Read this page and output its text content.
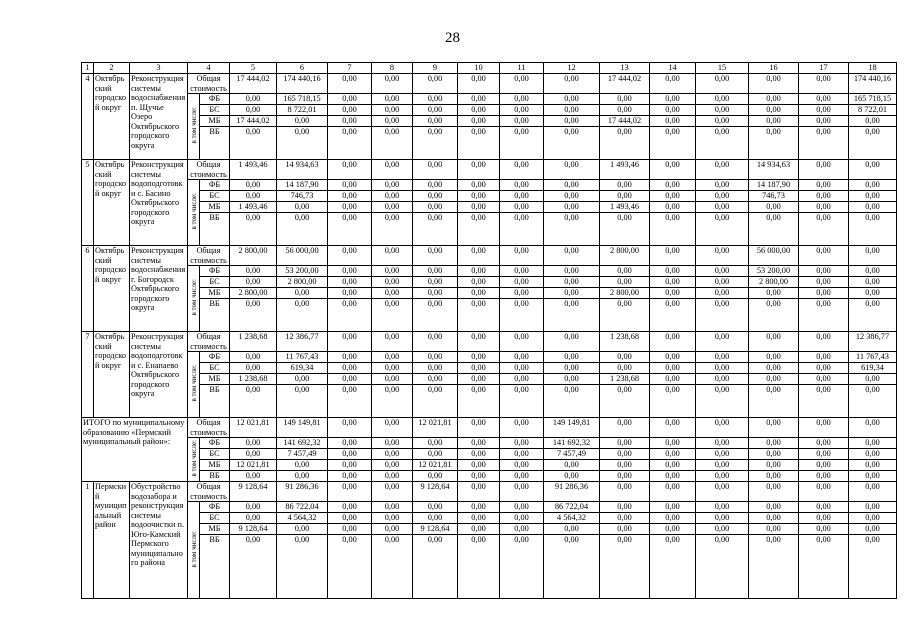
28
1	2	3	4		5	6	7	8	9	10	11	12	13	14	15	16	17	18
4	Октябрьский городской округ	Реконструкция системы водоснабжения п. Щучье Озеро Октябрьского городского округа	Общая стоимость		17 444,02	174 440,16	0,00	0,00	0,00	0,00	0,00	0,00	17 444,02	0,00	0,00	0,00	0,00	174 440,16
			в том числе:	ФБ	0,00	165 718,15	0,00	0,00	0,00	0,00	0,00	0,00	0,00	0,00	0,00	0,00	0,00	165 718,15
				БС	0,00	8 722,01	0,00	0,00	0,00	0,00	0,00	0,00	0,00	0,00	0,00	0,00	0,00	8 722,01
				МБ	17 444,02	0,00	0,00	0,00	0,00	0,00	0,00	0,00	17 444,02	0,00	0,00	0,00	0,00	0,00
				ВБ	0,00	0,00	0,00	0,00	0,00	0,00	0,00	0,00	0,00	0,00	0,00	0,00	0,00	0,00
5	Октябрьский городской округ	Реконструкция системы водоподготовки с. Басино Октябрьского городского округа	Общая стоимость		1 493,46	14 934,63	0,00	0,00	0,00	0,00	0,00	0,00	1 493,46	0,00	0,00	14 934,63	0,00	0,00
			в том числе:	ФБ	0,00	14 187,90	0,00	0,00	0,00	0,00	0,00	0,00	0,00	0,00	0,00	14 187,90	0,00	0,00
				БС	0,00	746,73	0,00	0,00	0,00	0,00	0,00	0,00	0,00	0,00	0,00	746,73	0,00	0,00
				МБ	1 493,46	0,00	0,00	0,00	0,00	0,00	0,00	0,00	1 493,46	0,00	0,00	0,00	0,00	0,00
				ВБ	0,00	0,00	0,00	0,00	0,00	0,00	0,00	0,00	0,00	0,00	0,00	0,00	0,00	0,00
6	Октябрьский городской округ	Реконструкция системы водоснабжения г. Богородск Октябрьского городского округа	Общая стоимость		2 800,00	56 000,00	0,00	0,00	0,00	0,00	0,00	0,00	2 800,00	0,00	0,00	56 000,00	0,00	0,00
			в том числе:	ФБ	0,00	53 200,00	0,00	0,00	0,00	0,00	0,00	0,00	0,00	0,00	0,00	53 200,00	0,00	0,00
				БС	0,00	2 800,00	0,00	0,00	0,00	0,00	0,00	0,00	0,00	0,00	0,00	2 800,00	0,00	0,00
				МБ	2 800,00	0,00	0,00	0,00	0,00	0,00	0,00	0,00	2 800,00	0,00	0,00	0,00	0,00	0,00
				ВБ	0,00	0,00	0,00	0,00	0,00	0,00	0,00	0,00	0,00	0,00	0,00	0,00	0,00	0,00
7	Октябрьский городской округ	Реконструкция системы водоподготовки с. Енапаево Октябрьского городского округа	Общая стоимость		1 238,68	12 386,77	0,00	0,00	0,00	0,00	0,00	0,00	1 238,68	0,00	0,00	0,00	0,00	12 386,77
			в том числе:	ФБ	0,00	11 767,43	0,00	0,00	0,00	0,00	0,00	0,00	0,00	0,00	0,00	0,00	0,00	11 767,43
				БС	0,00	619,34	0,00	0,00	0,00	0,00	0,00	0,00	0,00	0,00	0,00	0,00	0,00	619,34
				МБ	1 238,68	0,00	0,00	0,00	0,00	0,00	0,00	0,00	1 238,68	0,00	0,00	0,00	0,00	0,00
				ВБ	0,00	0,00	0,00	0,00	0,00	0,00	0,00	0,00	0,00	0,00	0,00	0,00	0,00	0,00
ИТОГО по муниципальному образованию «Пермский муниципальный район»:			Общая стоимость		12 021,81	149 149,81	0,00	0,00	12 021,81	0,00	0,00	149 149,81	0,00	0,00	0,00	0,00	0,00	0,00
			в том числе:	ФБ	0,00	141 692,32	0,00	0,00	0,00	0,00	0,00	141 692,32	0,00	0,00	0,00	0,00	0,00	0,00
				БС	0,00	7 457,49	0,00	0,00	0,00	0,00	0,00	7 457,49	0,00	0,00	0,00	0,00	0,00	0,00
				МБ	12 021,81	0,00	0,00	0,00	12 021,81	0,00	0,00	0,00	0,00	0,00	0,00	0,00	0,00	0,00
				ВБ	0,00	0,00	0,00	0,00	0,00	0,00	0,00	0,00	0,00	0,00	0,00	0,00	0,00	0,00
1	Пермский муниципальный район	Обустройство водозабора и реконструкция системы водоочистки п. Юго-Камский Пермского муниципального района	Общая стоимость		9 128,64	91 286,36	0,00	0,00	9 128,64	0,00	0,00	91 286,36	0,00	0,00	0,00	0,00	0,00	0,00
			в том числе:	ФБ	0,00	86 722,04	0,00	0,00	0,00	0,00	0,00	86 722,04	0,00	0,00	0,00	0,00	0,00	0,00
				БС	0,00	4 564,32	0,00	0,00	0,00	0,00	0,00	4 564,32	0,00	0,00	0,00	0,00	0,00	0,00
				МБ	9 128,64	0,00	0,00	0,00	9 128,64	0,00	0,00	0,00	0,00	0,00	0,00	0,00	0,00	0,00
				ВБ	0,00	0,00	0,00	0,00	0,00	0,00	0,00	0,00	0,00	0,00	0,00	0,00	0,00	0,00
